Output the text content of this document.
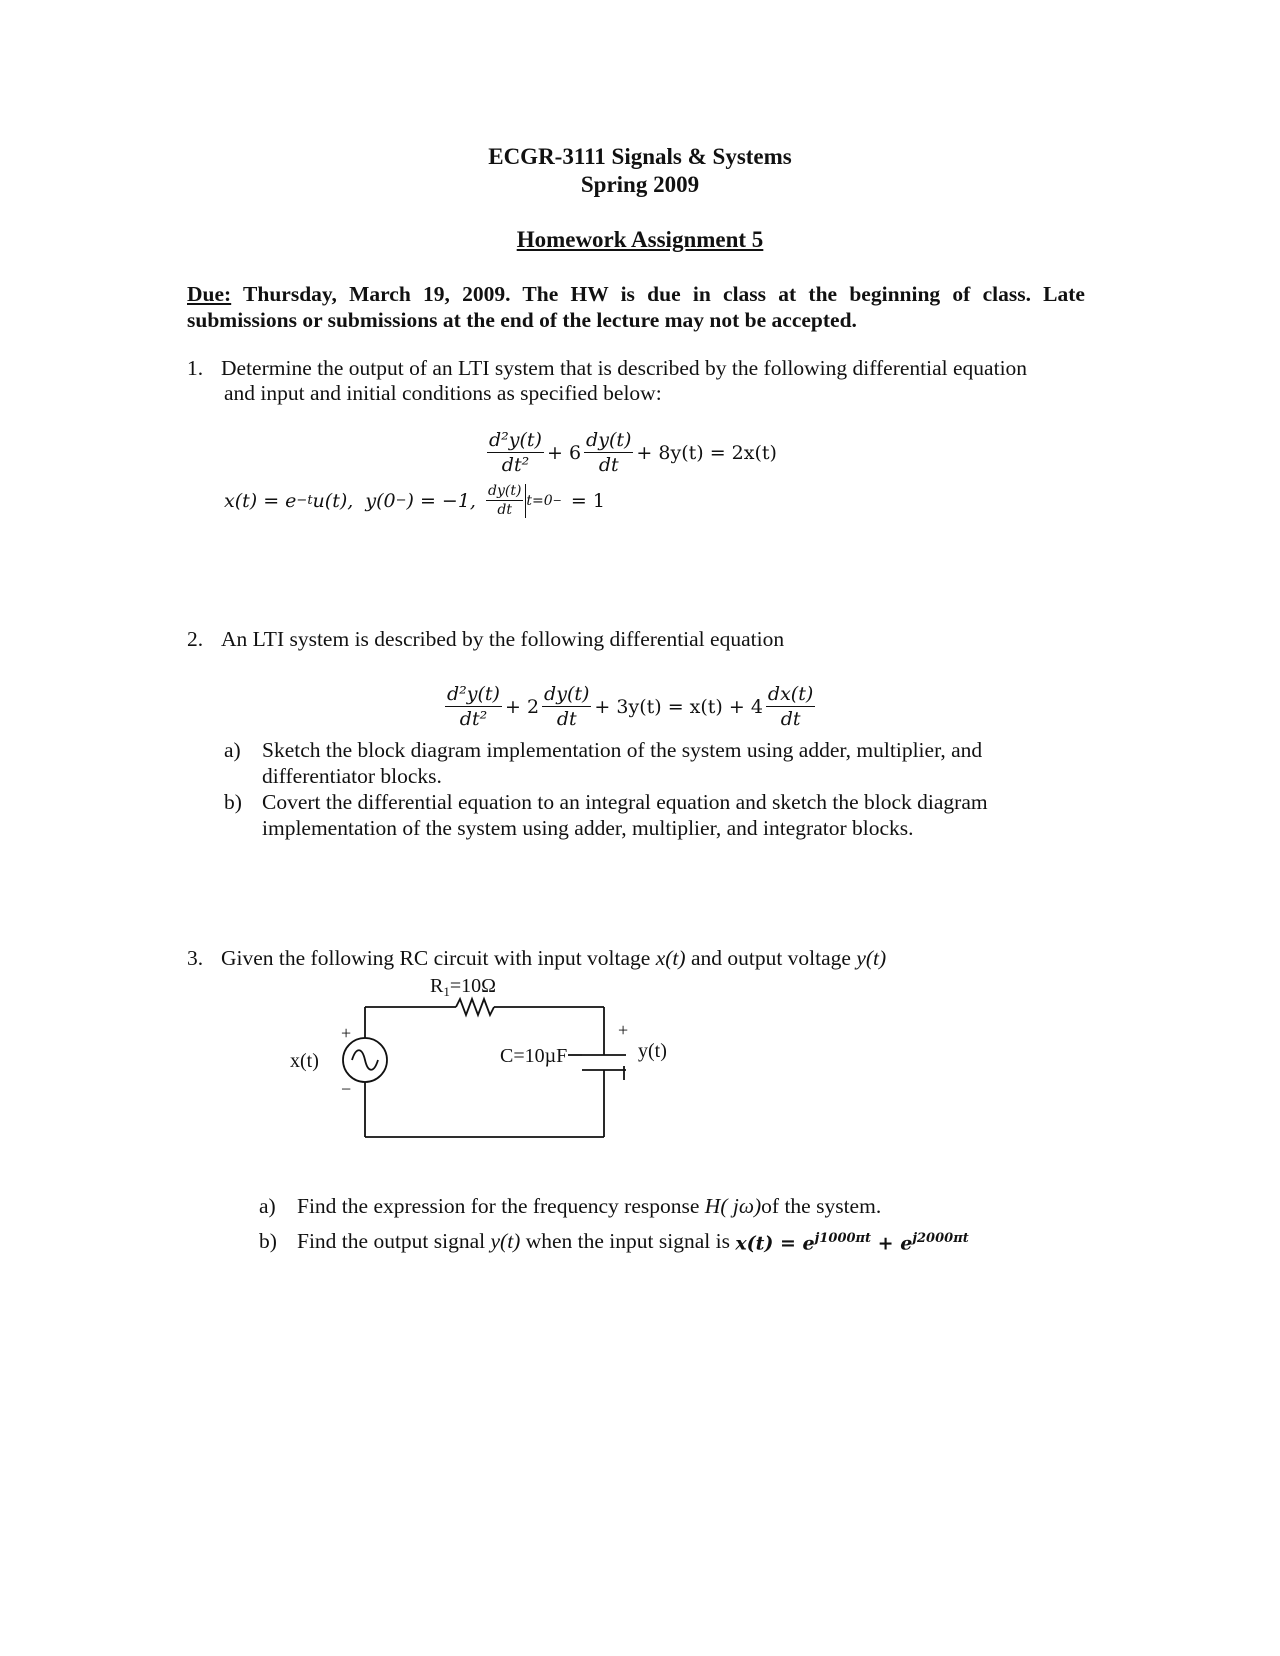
ECGR-3111 Signals & Systems
Spring 2009
Homework Assignment 5
Due: Thursday, March 19, 2009. The HW is due in class at the beginning of class. Late
submissions or submissions at the end of the lecture may not be accepted.
1. Determine the output of an LTI system that is described by the following differential equation
and input and initial conditions as specified below:
$\frac{\text{d²y(t)}}{\text{dt²}} + 6 \frac{dy(t)}{dt} + 8y(t) = 2x(t)$
x(t) = e −t u(t),  y(0 − ) = −1, $\frac{dy(t)}{dt} t=0$ − = 1
2. An LTI system is described by the following differential equation
$\frac{\text{d²y(t)}}{\text{dt²}} + 2 \frac{dy(t)}{dt} + 3y(t) = x(t) + 4 \frac{dx(t)}{dt}$
a) Sketch the block diagram implementation of the system using adder, multiplier, and
differentiator blocks.
b) Covert the differential equation to an integral equation and sketch the block diagram
implementation of the system using adder, multiplier, and integrator blocks.
3. Given the following RC circuit with input voltage x(t) and output voltage y(t)
$R_1=10\Omega$
C=10µF
x(t)	y(t)
+
−
+
a) Find the expression for the frequency response H( jω) of the system.
b) Find the output signal y(t) when the input signal is $x(t) = e^{j1000\pi t} + e^{j2000\pi t}$
